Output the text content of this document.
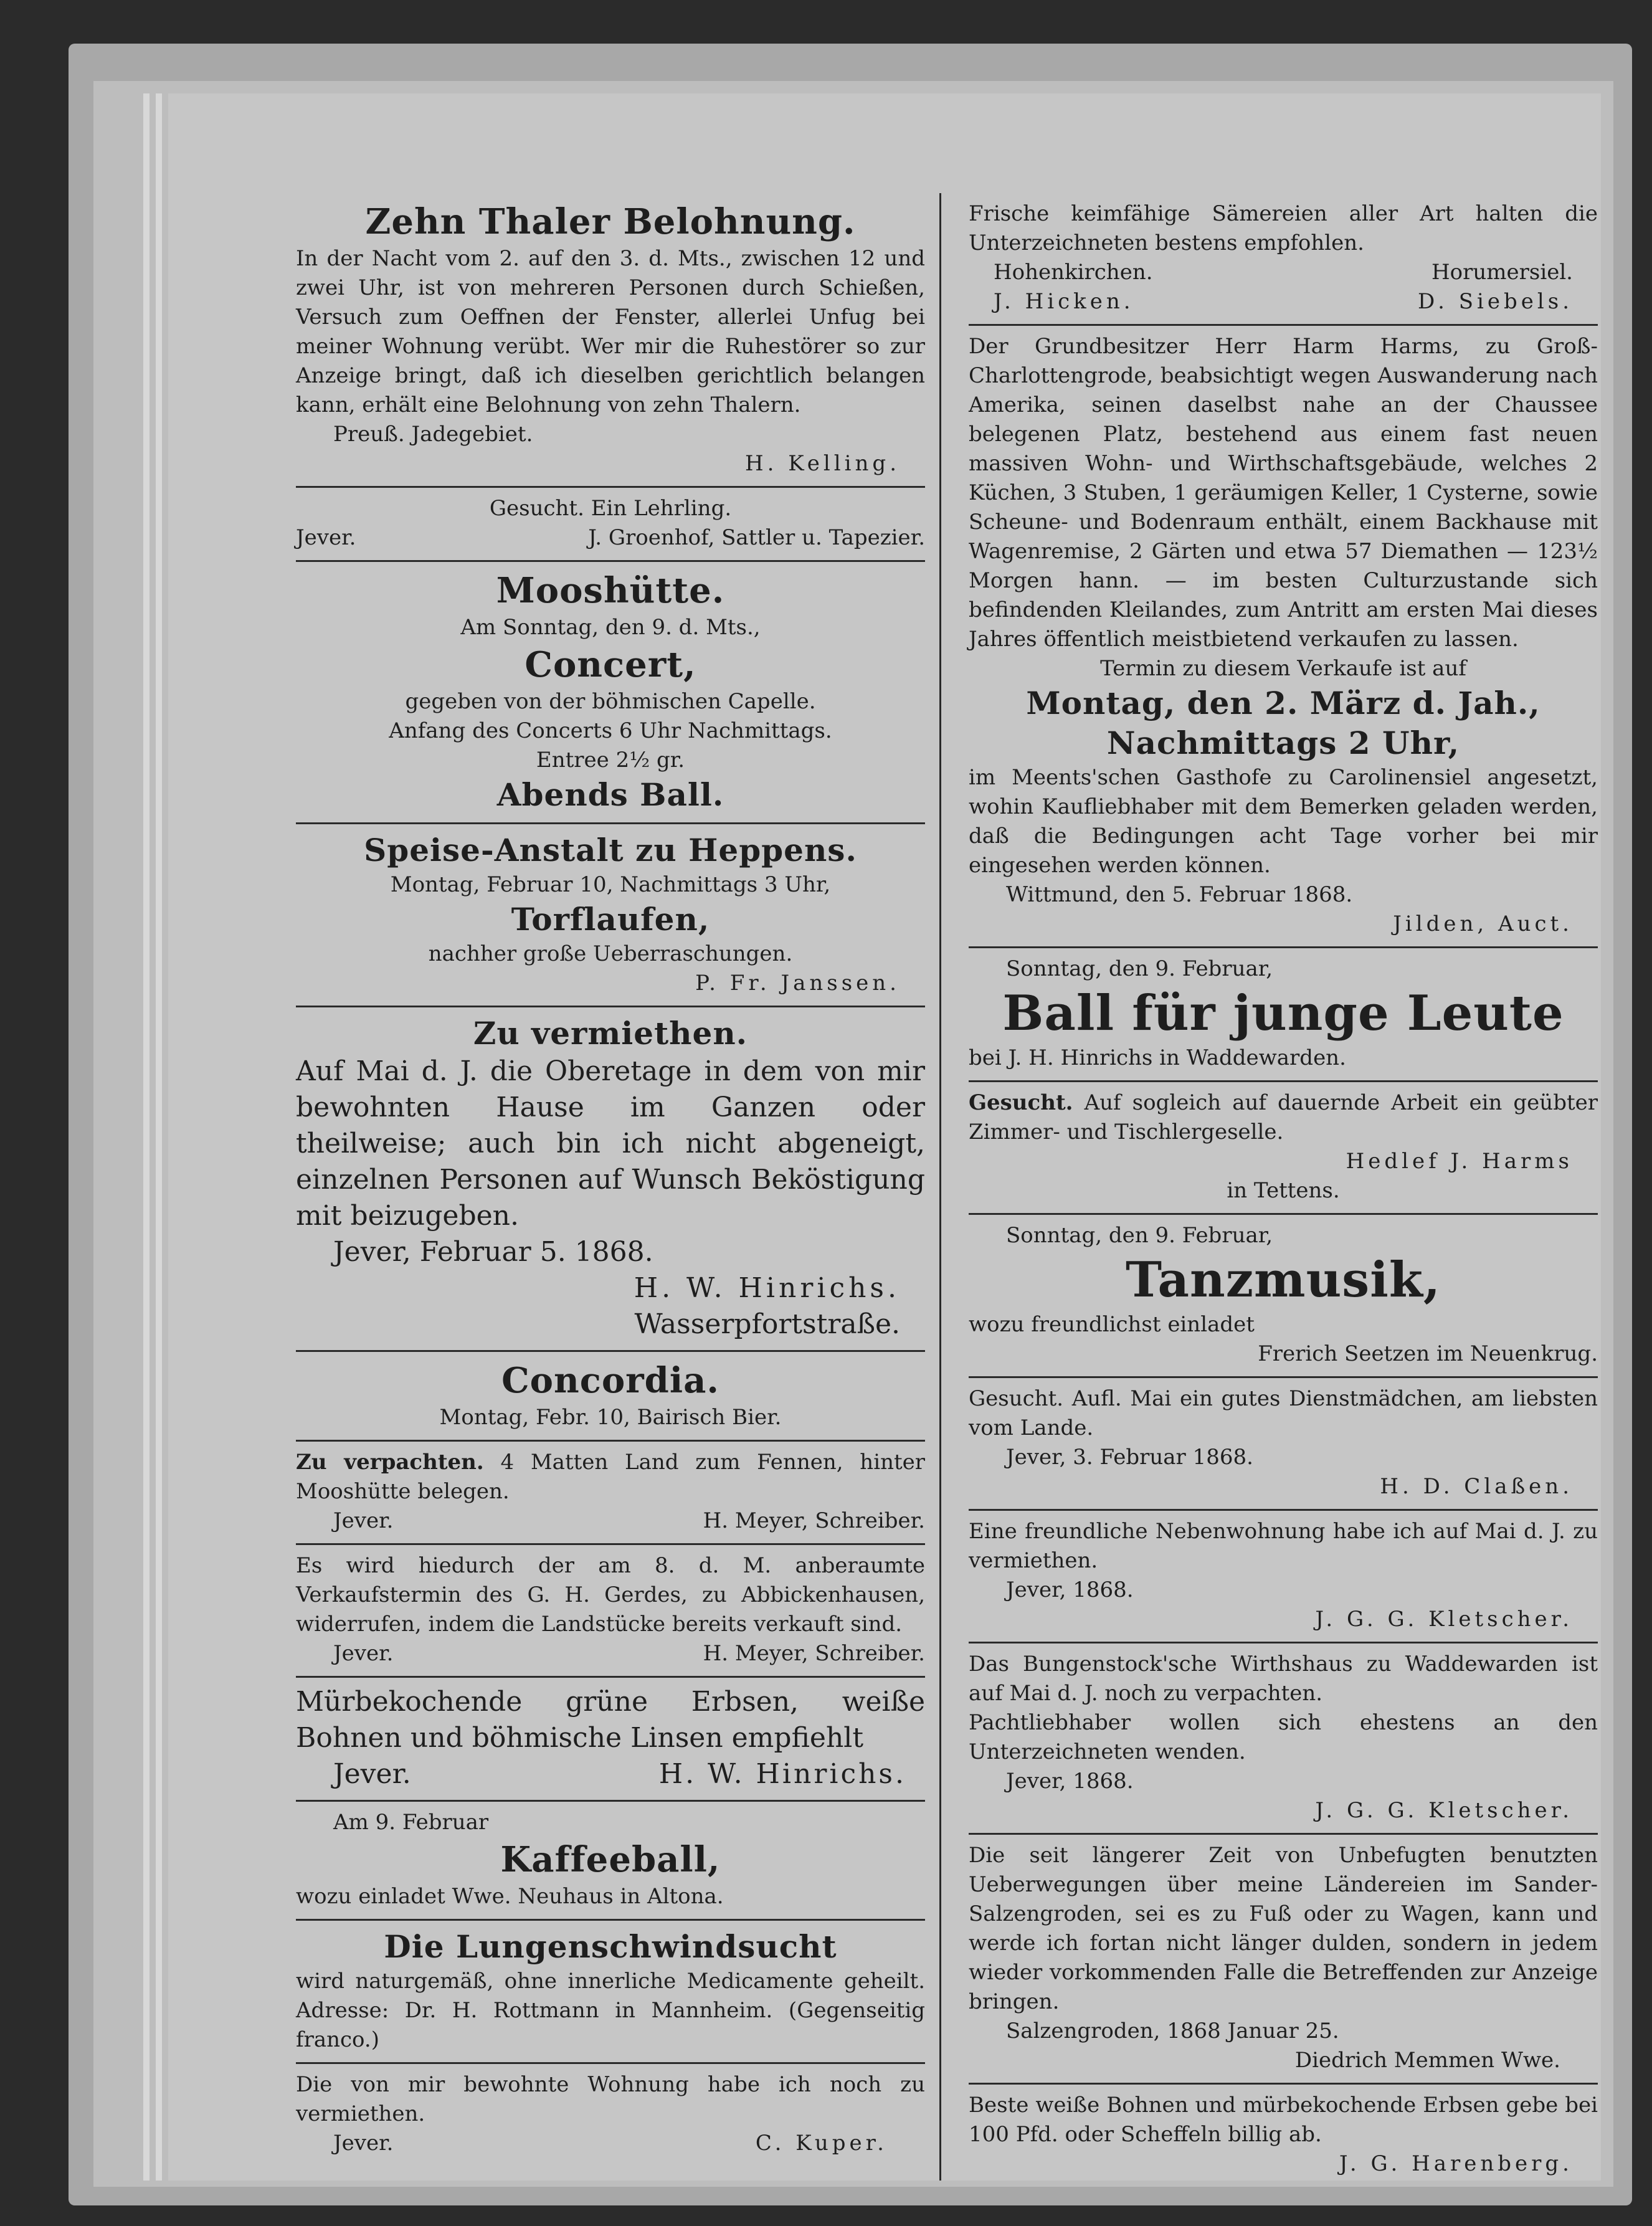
Zehn Thaler Belohnung.

In der Nacht vom 2. auf den 3. d. Mts., zwischen 12 und zwei Uhr, ist von mehreren Personen durch Schießen, Versuch zum Oeffnen der Fenster, allerlei Unfug bei meiner Wohnung verübt. Wer mir die Ruhestörer so zur Anzeige bringt, daß ich dieselben gerichtlich belangen kann, erhält eine Belohnung von zehn Thalern.

Preuß. Jadegebiet.

H. Kelling.

Gesucht. Ein Lehrling.

Jever.	J. Groenhof, Sattler u. Tapezier.

Mooshütte.

Am Sonntag, den 9. d. Mts.,

Concert,

gegeben von der böhmischen Capelle.

Anfang des Concerts 6 Uhr Nachmittags.

Entree 2½ gr.

Abends Ball.

Speise-Anstalt zu Heppens.

Montag, Februar 10, Nachmittags 3 Uhr,

Torflaufen,

nachher große Ueberraschungen.

P. Fr. Janssen.

Zu vermiethen.

Auf Mai d. J. die Oberetage in dem von mir bewohnten Hause im Ganzen oder theilweise; auch bin ich nicht abgeneigt, einzelnen Personen auf Wunsch Beköstigung mit beizugeben.

Jever, Februar 5. 1868.

H. W. Hinrichs.

Wasserpfortstraße.

Concordia.

Montag, Febr. 10, Bairisch Bier.

Zu verpachten. 4 Matten Land zum Fennen, hinter Mooshütte belegen.

Jever.	H. Meyer, Schreiber.

Es wird hiedurch der am 8. d. M. anberaumte Verkaufstermin des G. H. Gerdes, zu Abbickenhausen, widerrufen, indem die Landstücke bereits verkauft sind.

Jever.	H. Meyer, Schreiber.

Mürbekochende grüne Erbsen, weiße Bohnen und böhmische Linsen empfiehlt

Jever.	H. W. Hinrichs.

Am 9. Februar

Kaffeeball,

wozu einladet Wwe. Neuhaus in Altona.

Die Lungenschwindsucht

wird naturgemäß, ohne innerliche Medicamente geheilt. Adresse: Dr. H. Rottmann in Mannheim. (Gegenseitig franco.)

Die von mir bewohnte Wohnung habe ich noch zu vermiethen.

Jever.	C. Kuper.

Frische keimfähige Sämereien aller Art halten die Unterzeichneten bestens empfohlen.

Hohenkirchen.	Horumersiel.
J. Hicken.	D. Siebels.

Der Grundbesitzer Herr Harm Harms, zu Groß-Charlottengrode, beabsichtigt wegen Auswanderung nach Amerika, seinen daselbst nahe an der Chaussee belegenen Platz, bestehend aus einem fast neuen massiven Wohn- und Wirthschaftsgebäude, welches 2 Küchen, 3 Stuben, 1 geräumigen Keller, 1 Cysterne, sowie Scheune- und Bodenraum enthält, einem Backhause mit Wagenremise, 2 Gärten und etwa 57 Diemathen — 123½ Morgen hann. — im besten Culturzustande sich befindenden Kleilandes, zum Antritt am ersten Mai dieses Jahres öffentlich meistbietend verkaufen zu lassen.

Termin zu diesem Verkaufe ist auf

Montag, den 2. März d. Jah.,

Nachmittags 2 Uhr,

im Meents'schen Gasthofe zu Carolinensiel angesetzt, wohin Kaufliebhaber mit dem Bemerken geladen werden, daß die Bedingungen acht Tage vorher bei mir eingesehen werden können.

Wittmund, den 5. Februar 1868.

Jilden, Auct.

Sonntag, den 9. Februar,

Ball für junge Leute

bei J. H. Hinrichs in Waddewarden.

Gesucht. Auf sogleich auf dauernde Arbeit ein geübter Zimmer- und Tischlergeselle.

Hedlef J. Harms

in Tettens.

Sonntag, den 9. Februar,

Tanzmusik,

wozu freundlichst einladet

Frerich Seetzen im Neuenkrug.

Gesucht. Aufl. Mai ein gutes Dienstmädchen, am liebsten vom Lande.

Jever, 3. Februar 1868.

H. D. Claßen.

Eine freundliche Nebenwohnung habe ich auf Mai d. J. zu vermiethen.

Jever, 1868.

J. G. G. Kletscher.

Das Bungenstock'sche Wirthshaus zu Waddewarden ist auf Mai d. J. noch zu verpachten.

Pachtliebhaber wollen sich ehestens an den Unterzeichneten wenden.

Jever, 1868.

J. G. G. Kletscher.

Die seit längerer Zeit von Unbefugten benutzten Ueberwegungen über meine Ländereien im Sander-Salzengroden, sei es zu Fuß oder zu Wagen, kann und werde ich fortan nicht länger dulden, sondern in jedem wieder vorkommenden Falle die Betreffenden zur Anzeige bringen.

Salzengroden, 1868 Januar 25.

Diedrich Memmen Wwe.

Beste weiße Bohnen und mürbekochende Erbsen gebe bei 100 Pfd. oder Scheffeln billig ab.

J. G. Harenberg.
